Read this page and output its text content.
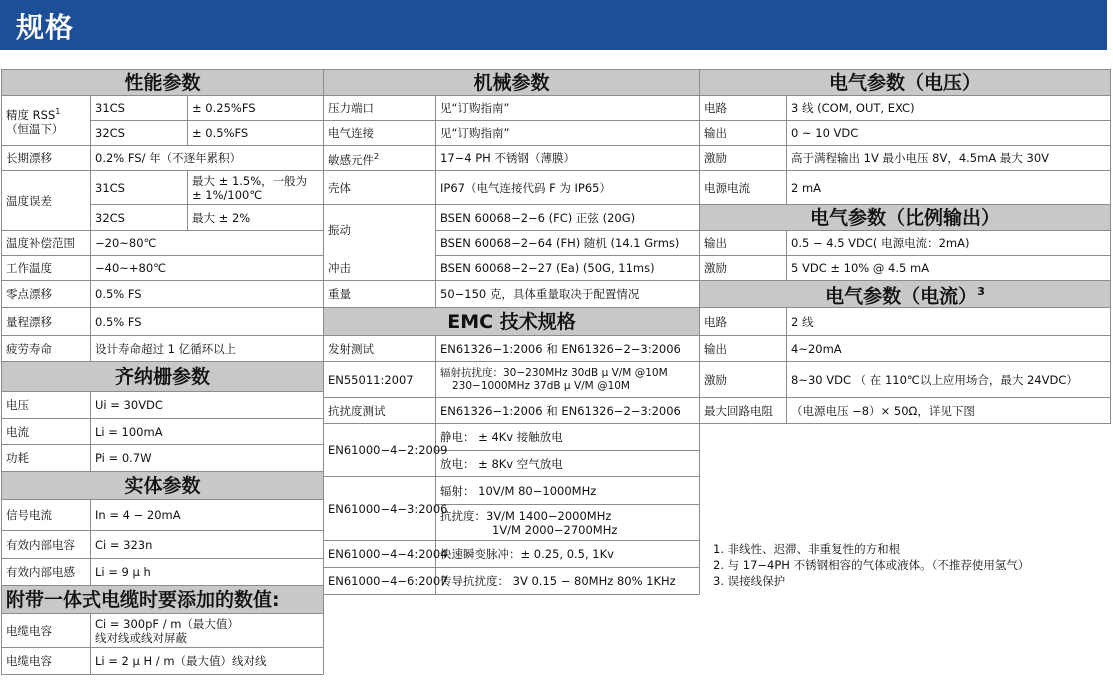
规格
性能参数		
精度 RSS$^1$
（恒温下）	31CS	± 0.25%FS
	32CS	± 0.5%FS
长期漂移	0.2% FS/ 年（不逐年累积）	
温度误差	31CS	最大 ± 1.5%，一般为
± 1%/100℃
	32CS	最大 ± 2%
温度补偿范围	−20~80℃	
工作温度	−40~+80℃	
零点漂移	0.5% FS	
量程漂移	0.5% FS	
疲劳寿命	设计寿命超过 1 亿循环以上	
齐纳栅参数		
电压	Ui = 30VDC	
电流	Li = 100mA	
功耗	Pi = 0.7W	
实体参数		
信号电流	In = 4 − 20mA	
有效内部电容	Ci = 323n	
有效内部电感	Li = 9 μ h	
附带一体式电缆时要添加的数值:		
电缆电容	Ci = 300pF / m（最大值）
线对线或线对屏蔽	
电缆电容	Li = 2 μ H / m（最大值）线对线	
机械参数	
压力端口	见“订购指南”
电气连接	见“订购指南”
敏感元件$^2$	17−4 PH 不锈钢（薄膜）
壳体	IP67（电气连接代码 F 为 IP65）
振动	BSEN 60068−2−6 (FC) 正弦 (20G)
	BSEN 60068−2−64 (FH) 随机 (14.1 Grms)
冲击	BSEN 60068−2−27 (Ea) (50G, 11ms)
重量	50−150 克，具体重量取决于配置情况
EMC 技术规格	
发射测试	EN61326−1:2006 和 EN61326−2−3:2006
EN55011:2007	辐射抗扰度：30−230MHz 30dB μ V/M @10M
230−1000MHz 37dB μ V/M @10M
抗扰度测试	EN61326−1:2006 和 EN61326−2−3:2006
EN61000−4−2:2009	静电： ± 4Kv 接触放电
	放电： ± 8Kv 空气放电
EN61000−4−3:2006	辐射： 10V/M 80−1000MHz
	抗扰度：3V/M 1400−2000MHz
1V/M 2000−2700MHz
EN61000−4−4:2004	快速瞬变脉冲：± 0.25, 0.5, 1Kv
EN61000−4−6:2007	传导抗扰度： 3V 0.15 − 80MHz 80% 1KHz
电气参数（电压）	
电路	3 线 (COM, OUT, EXC)
输出	0 ~ 10 VDC
激励	高于满程输出 1V 最小电压 8V，4.5mA 最大 30V
电源电流	2 mA
电气参数（比例输出）	
输出	0.5 − 4.5 VDC( 电源电流：2mA)
激励	5 VDC ± 10% @ 4.5 mA
电气参数（电流）$^3$
电路	2 线
输出	4~20mA
激励	8~30 VDC （ 在 110℃以上应用场合，最大 24VDC）
最大回路电阻	（电源电压 −8）× 50Ω，详见下图
1. 非线性、迟滞、非重复性的方和根
2. 与 17−4PH 不锈钢相容的气体或液体。（不推荐使用氢气）
3. 误接线保护
